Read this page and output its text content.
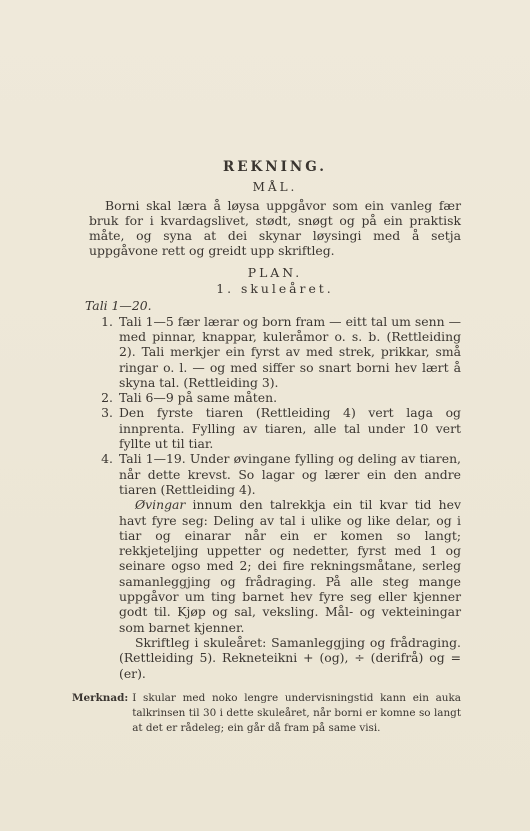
REKNING.
MÅL.

Borni skal læra å løysa uppgåvor som ein vanleg fær bruk for i kvardagslivet, stødt, snøgt og på ein praktisk måte, og syna at dei skynar løysingi med å setja uppgåvone rett og greidt upp skriftleg.

PLAN.
1. skuleåret.
Tali 1—20.
1. Tali 1—5 fær lærar og born fram — eitt tal um senn — med pinnar, knappar, kuleråmor o. s. b. (Rettleiding 2). Tali merkjer ein fyrst av med strek, prikkar, små ringar o. l. — og med siffer so snart borni hev lært å skyna tal. (Rettleiding 3).

2. Tali 6—9 på same måten.

3. Den fyrste tiaren (Rettleiding 4) vert laga og innprenta. Fylling av tiaren, alle tal under 10 vert fyllte ut til tiar.

4. Tali 1—19. Under øvingane fylling og deling av tiaren, når dette krevst. So lagar og lærer ein den andre tiaren (Rettleiding 4).

Øvingar innum den talrekkja ein til kvar tid hev havt fyre seg: Deling av tal i ulike og like delar, og i tiar og einarar når ein er komen so langt; rekkjeteljing uppetter og nedetter, fyrst med 1 og seinare ogso med 2; dei fire rekningsmåtane, serleg samanleggjing og frådraging. På alle steg mange uppgåvor um ting barnet hev fyre seg eller kjenner godt til. Kjøp og sal, veksling. Mål- og vekteiningar som barnet kjenner.

Skriftleg i skuleåret: Samanleggjing og frådraging. (Rettleiding 5). Rekneteikni + (og), ÷ (derifrå) og = (er).

Merknad: I skular med noko lengre undervisningstid kann ein auka talkrinsen til 30 i dette skuleåret, når borni er komne so langt at det er rådeleg; ein går då fram på same visi.
